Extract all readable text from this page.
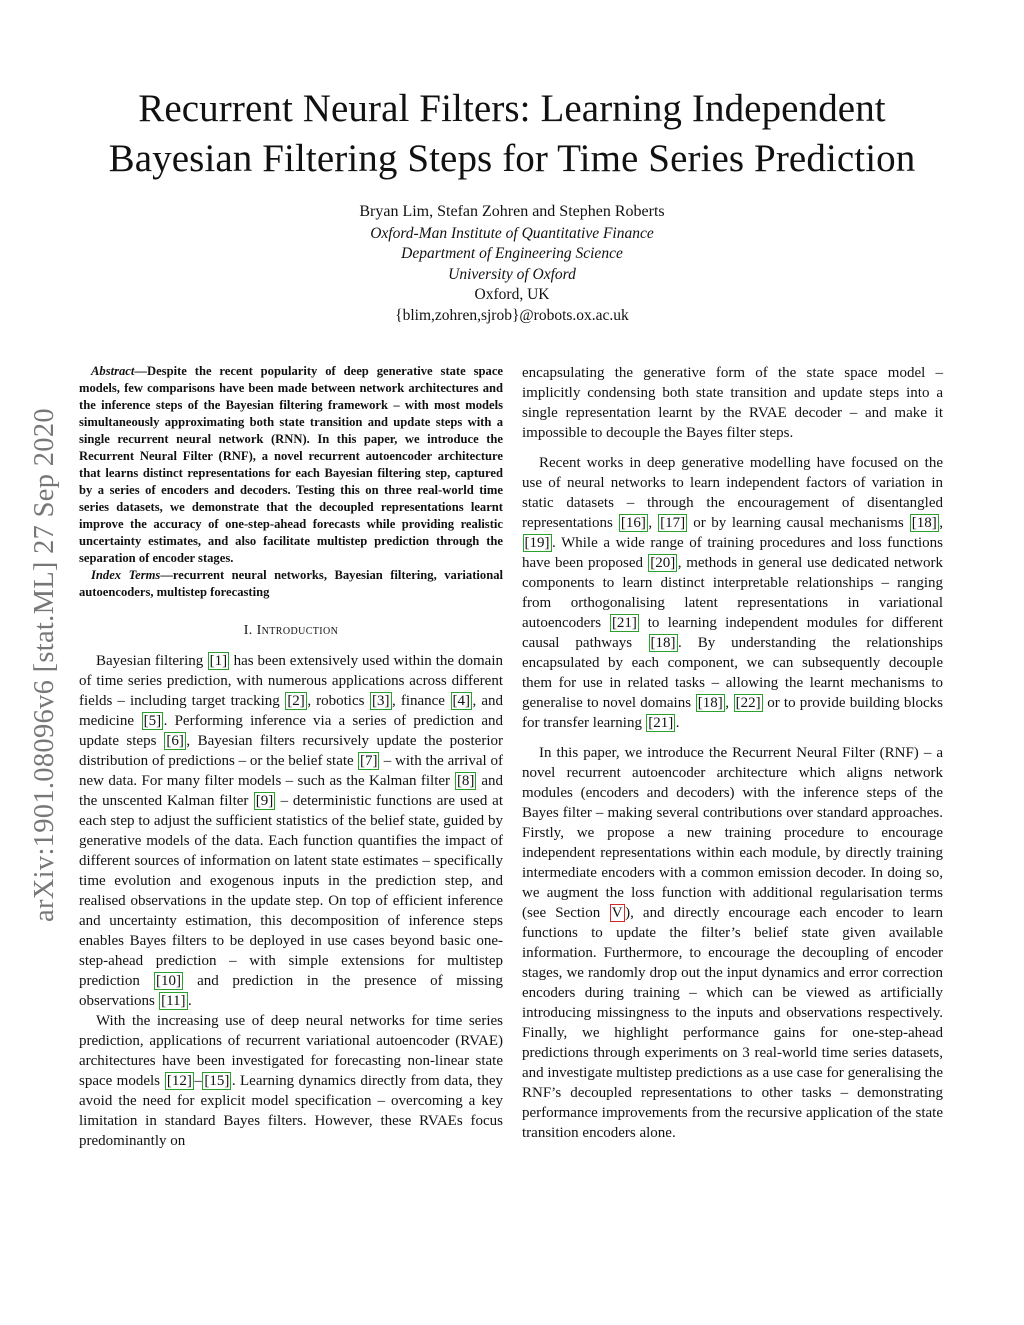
Recurrent Neural Filters: Learning Independent
Bayesian Filtering Steps for Time Series Prediction
Bryan Lim, Stefan Zohren and Stephen Roberts
Oxford-Man Institute of Quantitative Finance
Department of Engineering Science
University of Oxford
Oxford, UK
{blim,zohren,sjrob}@robots.ox.ac.uk
arXiv:1901.08096v6 [stat.ML] 27 Sep 2020

Abstract—Despite the recent popularity of deep generative state space models, few comparisons have been made between network architectures and the inference steps of the Bayesian filtering framework – with most models simultaneously approximating both state transition and update steps with a single recurrent neural network (RNN). In this paper, we introduce the Recurrent Neural Filter (RNF), a novel recurrent autoencoder architecture that learns distinct representations for each Bayesian filtering step, captured by a series of encoders and decoders. Testing this on three real-world time series datasets, we demonstrate that the decoupled representations learnt improve the accuracy of one-step-ahead forecasts while providing realistic uncertainty estimates, and also facilitate multistep prediction through the separation of encoder stages.

Index Terms—recurrent neural networks, Bayesian filtering, variational autoencoders, multistep forecasting

I. Introduction

Bayesian filtering [1] has been extensively used within the domain of time series prediction, with numerous applications across different fields – including target tracking [2] , robotics [3] , finance [4] , and medicine [5] . Performing inference via a series of prediction and update steps [6] , Bayesian filters recursively update the posterior distribution of predictions – or the belief state [7] – with the arrival of new data. For many filter models – such as the Kalman filter [8] and the unscented Kalman filter [9] – deterministic functions are used at each step to adjust the sufficient statistics of the belief state, guided by generative models of the data. Each function quantifies the impact of different sources of information on latent state estimates – specifically time evolution and exogenous inputs in the prediction step, and realised observations in the update step. On top of efficient inference and uncertainty estimation, this decomposition of inference steps enables Bayes filters to be deployed in use cases beyond basic one-step-ahead prediction – with simple extensions for multistep prediction [10] and prediction in the presence of missing observations [11] .

With the increasing use of deep neural networks for time series prediction, applications of recurrent variational autoencoder (RVAE) architectures have been investigated for forecasting non-linear state space models [12] – [15] . Learning dynamics directly from data, they avoid the need for explicit model specification – overcoming a key limitation in standard Bayes filters. However, these RVAEs focus predominantly on

encapsulating the generative form of the state space model – implicitly condensing both state transition and update steps into a single representation learnt by the RVAE decoder – and make it impossible to decouple the Bayes filter steps.

Recent works in deep generative modelling have focused on the use of neural networks to learn independent factors of variation in static datasets – through the encouragement of disentangled representations [16] , [17] or by learning causal mechanisms [18] , [19] . While a wide range of training procedures and loss functions have been proposed [20] , methods in general use dedicated network components to learn distinct interpretable relationships – ranging from orthogonalising latent representations in variational autoencoders [21] to learning independent modules for different causal pathways [18] . By understanding the relationships encapsulated by each component, we can subsequently decouple them for use in related tasks – allowing the learnt mechanisms to generalise to novel domains [18] , [22] or to provide building blocks for transfer learning [21] .

In this paper, we introduce the Recurrent Neural Filter (RNF) – a novel recurrent autoencoder architecture which aligns network modules (encoders and decoders) with the inference steps of the Bayes filter – making several contributions over standard approaches. Firstly, we propose a new training procedure to encourage independent representations within each module, by directly training intermediate encoders with a common emission decoder. In doing so, we augment the loss function with additional regularisation terms (see Section V ), and directly encourage each encoder to learn functions to update the filter’s belief state given available information. Furthermore, to encourage the decoupling of encoder stages, we randomly drop out the input dynamics and error correction encoders during training – which can be viewed as artificially introducing missingness to the inputs and observations respectively. Finally, we highlight performance gains for one-step-ahead predictions through experiments on 3 real-world time series datasets, and investigate multistep predictions as a use case for generalising the RNF’s decoupled representations to other tasks – demonstrating performance improvements from the recursive application of the state transition encoders alone.
